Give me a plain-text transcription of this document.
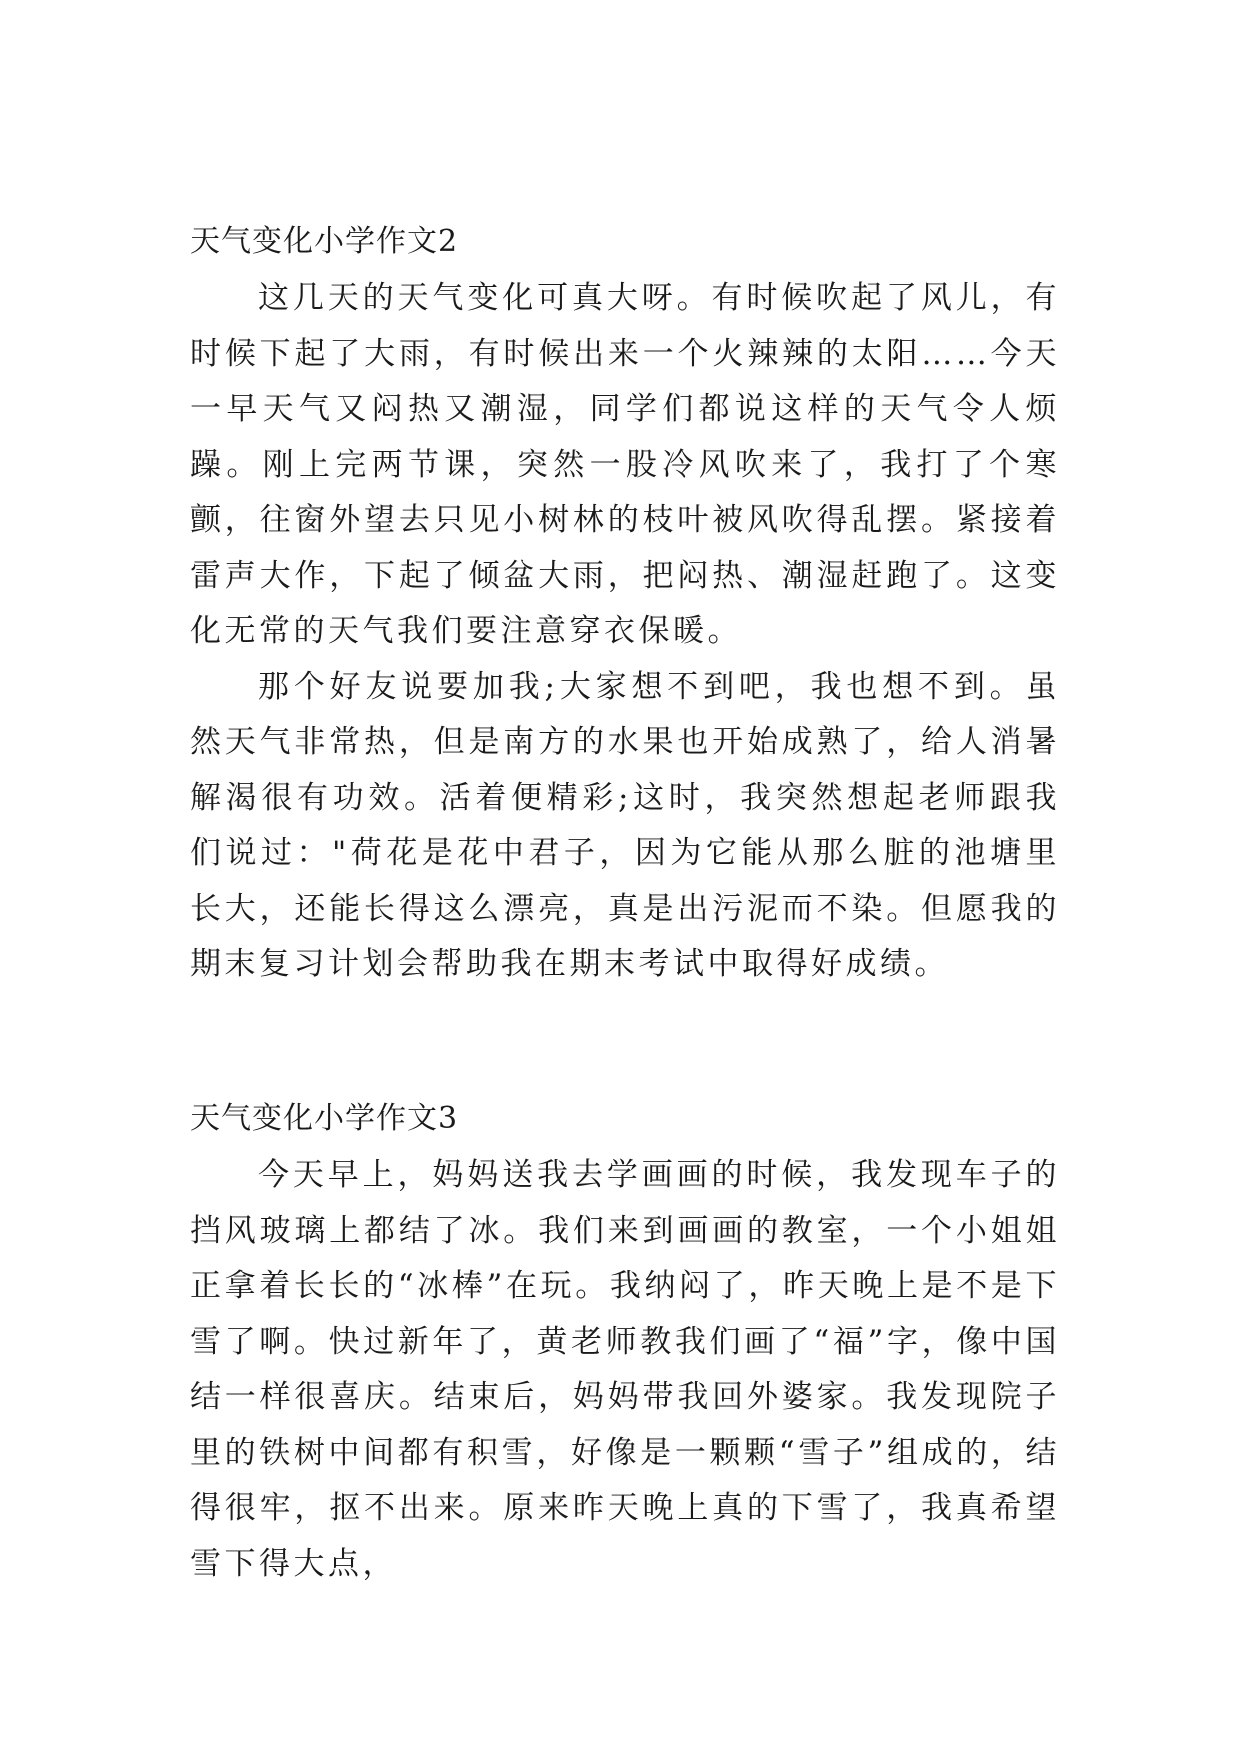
天气变化小学作文2

这几天的天气变化可真大呀。有时候吹起了风儿，有时候下起了大雨，有时候出来一个火辣辣的太阳……今天一早天气又闷热又潮湿，同学们都说这样的天气令人烦躁。刚上完两节课，突然一股冷风吹来了，我打了个寒颤，往窗外望去只见小树林的枝叶被风吹得乱摆。紧接着雷声大作，下起了倾盆大雨，把闷热、潮湿赶跑了。这变化无常的天气我们要注意穿衣保暖。

那个好友说要加我;大家想不到吧，我也想不到。虽然天气非常热，但是南方的水果也开始成熟了，给人消暑解渴很有功效。活着便精彩;这时，我突然想起老师跟我们说过："荷花是花中君子，因为它能从那么脏的池塘里长大，还能长得这么漂亮，真是出污泥而不染。但愿我的期末复习计划会帮助我在期末考试中取得好成绩。

天气变化小学作文3

今天早上，妈妈送我去学画画的时候，我发现车子的挡风玻璃上都结了冰。我们来到画画的教室，一个小姐姐正拿着长长的“冰棒”在玩。我纳闷了，昨天晚上是不是下雪了啊。快过新年了，黄老师教我们画了“福”字，像中国结一样很喜庆。结束后，妈妈带我回外婆家。我发现院子里的铁树中间都有积雪，好像是一颗颗“雪子”组成的，结得很牢，抠不出来。原来昨天晚上真的下雪了，我真希望雪下得大点，
